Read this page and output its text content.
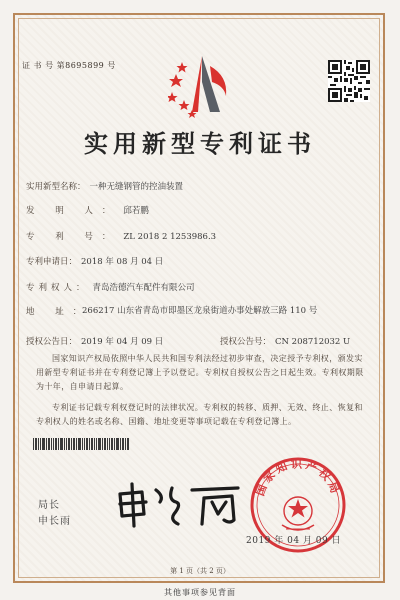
证 书 号 第8695899 号
实用新型专利证书
实用新型名称： 一种无缝钢管的控油装置
发 明 人： 邱若鹏
专 利 号： ZL 2018 2 1253986.3
专利申请日： 2018 年 08 月 04 日
专利权人： 青岛浩德汽车配件有限公司
地 址：
266217 山东省青岛市即墨区龙泉街道办事处解放三路 110 号
授权公告日： 2019 年 04 月 09 日	授权公告号： CN 208712032 U

国家知识产权局依照中华人民共和国专利法经过初步审查，决定授予专利权，颁发实用新型专利证书并在专利登记簿上予以登记。专利权自授权公告之日起生效。专利权期限为十年，自申请日起算。

专利证书记载专利权登记时的法律状况。专利权的转移、质押、无效、终止、恢复和专利权人的姓名或名称、国籍、地址变更等事项记载在专利登记簿上。

局长
申长雨
国家知识产权局
2019 年 04 月 09 日
第 1 页（共 2 页）
其他事项参见背面
